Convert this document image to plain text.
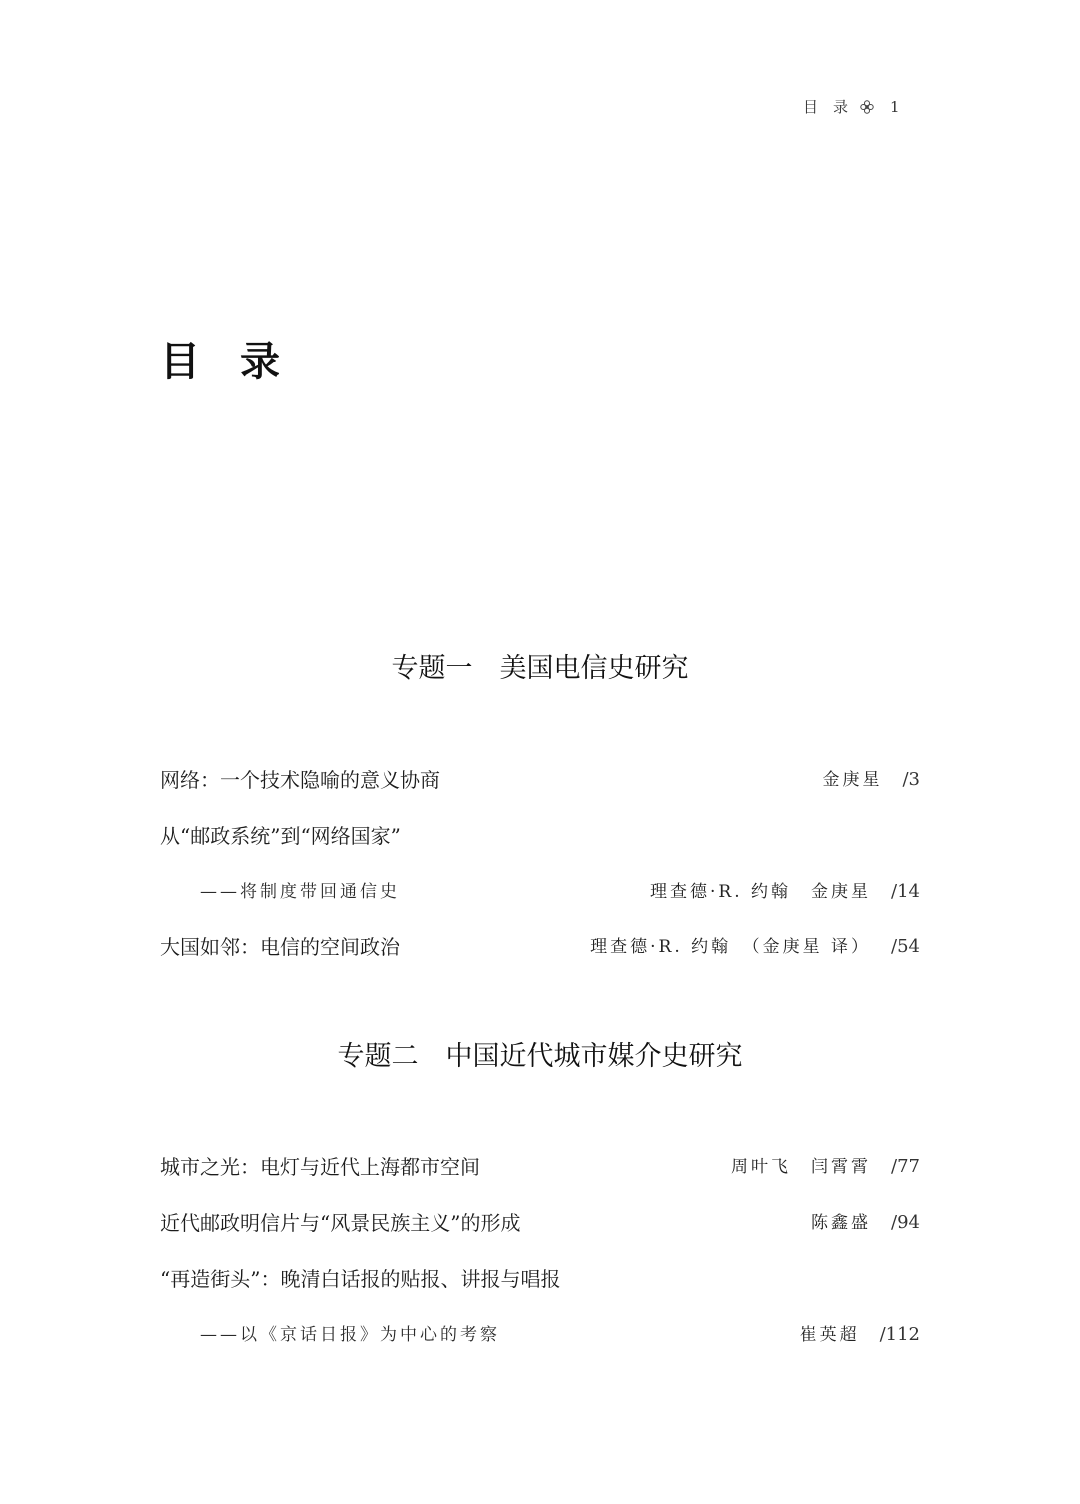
目　录	1
目　录
专题一　美国电信史研究
网络：一个技术隐喻的意义协商	金庚星 /3
从“邮政系统”到“网络国家”
——将制度带回通信史	理查德·R. 约翰　金庚星 /14
大国如邻：电信的空间政治	理查德·R. 约翰　（金庚星 译） /54
专题二　中国近代城市媒介史研究
城市之光：电灯与近代上海都市空间	周叶飞　闫霄霄 /77
近代邮政明信片与“风景民族主义”的形成	陈鑫盛 /94
“再造街头”：晚清白话报的贴报、讲报与唱报
——以《京话日报》为中心的考察	崔英超 /112
